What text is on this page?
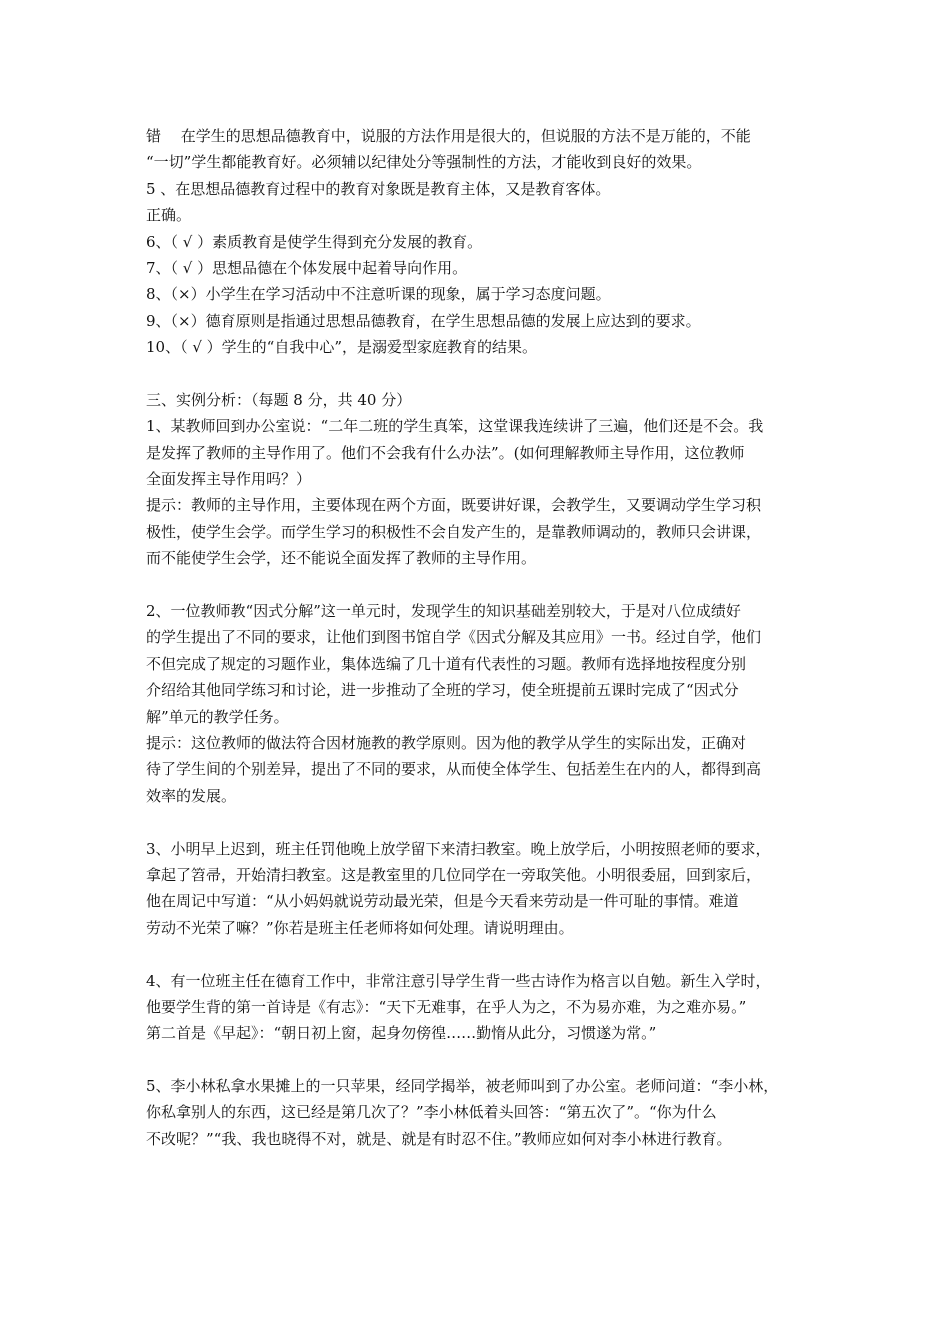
错　 在学生的思想品德教育中，说服的方法作用是很大的，但说服的方法不是万能的，不能
“一切”学生都能教育好。必须辅以纪律处分等强制性的方法，才能收到良好的效果。
5 、在思想品德教育过程中的教育对象既是教育主体，又是教育客体。
正确。
6、（ √ ）素质教育是使学生得到充分发展的教育。
7、（ √ ）思想品德在个体发展中起着导向作用。
8、（×）小学生在学习活动中不注意听课的现象，属于学习态度问题。
9、（×）德育原则是指通过思想品德教育，在学生思想品德的发展上应达到的要求。
10、（ √ ）学生的“自我中心”，是溺爱型家庭教育的结果。
三、实例分析：（每题 8 分，共 40 分）
1、某教师回到办公室说：“二年二班的学生真笨，这堂课我连续讲了三遍，他们还是不会。我
是发挥了教师的主导作用了。他们不会我有什么办法”。(如何理解教师主导作用，这位教师
全面发挥主导作用吗？）
提示：教师的主导作用，主要体现在两个方面，既要讲好课，会教学生，又要调动学生学习积
极性，使学生会学。而学生学习的积极性不会自发产生的，是靠教师调动的，教师只会讲课，
而不能使学生会学，还不能说全面发挥了教师的主导作用。
2、一位教师教“因式分解”这一单元时，发现学生的知识基础差别较大，于是对八位成绩好
的学生提出了不同的要求，让他们到图书馆自学《因式分解及其应用》一书。经过自学，他们
不但完成了规定的习题作业，集体选编了几十道有代表性的习题。教师有选择地按程度分别
介绍给其他同学练习和讨论，进一步推动了全班的学习，使全班提前五课时完成了“因式分
解”单元的教学任务。
提示：这位教师的做法符合因材施教的教学原则。因为他的教学从学生的实际出发，正确对
待了学生间的个别差异，提出了不同的要求，从而使全体学生、包括差生在内的人，都得到高
效率的发展。
3、小明早上迟到，班主任罚他晚上放学留下来清扫教室。晚上放学后，小明按照老师的要求，
拿起了笤帚，开始清扫教室。这是教室里的几位同学在一旁取笑他。小明很委屈，回到家后，
他在周记中写道：“从小妈妈就说劳动最光荣，但是今天看来劳动是一件可耻的事情。难道
劳动不光荣了嘛？”你若是班主任老师将如何处理。请说明理由。
4、有一位班主任在德育工作中，非常注意引导学生背一些古诗作为格言以自勉。新生入学时，
他要学生背的第一首诗是《有志》：“天下无难事，在乎人为之，不为易亦难，为之难亦易。”
第二首是《早起》：“朝日初上窗，起身勿傍徨……勤惰从此分，习惯遂为常。”
5、李小林私拿水果摊上的一只苹果，经同学揭举，被老师叫到了办公室。老师问道：“李小林，
你私拿别人的东西，这已经是第几次了？”李小林低着头回答：“第五次了”。“你为什么
不改呢？”“我、我也晓得不对，就是、就是有时忍不住。”教师应如何对李小林进行教育。
